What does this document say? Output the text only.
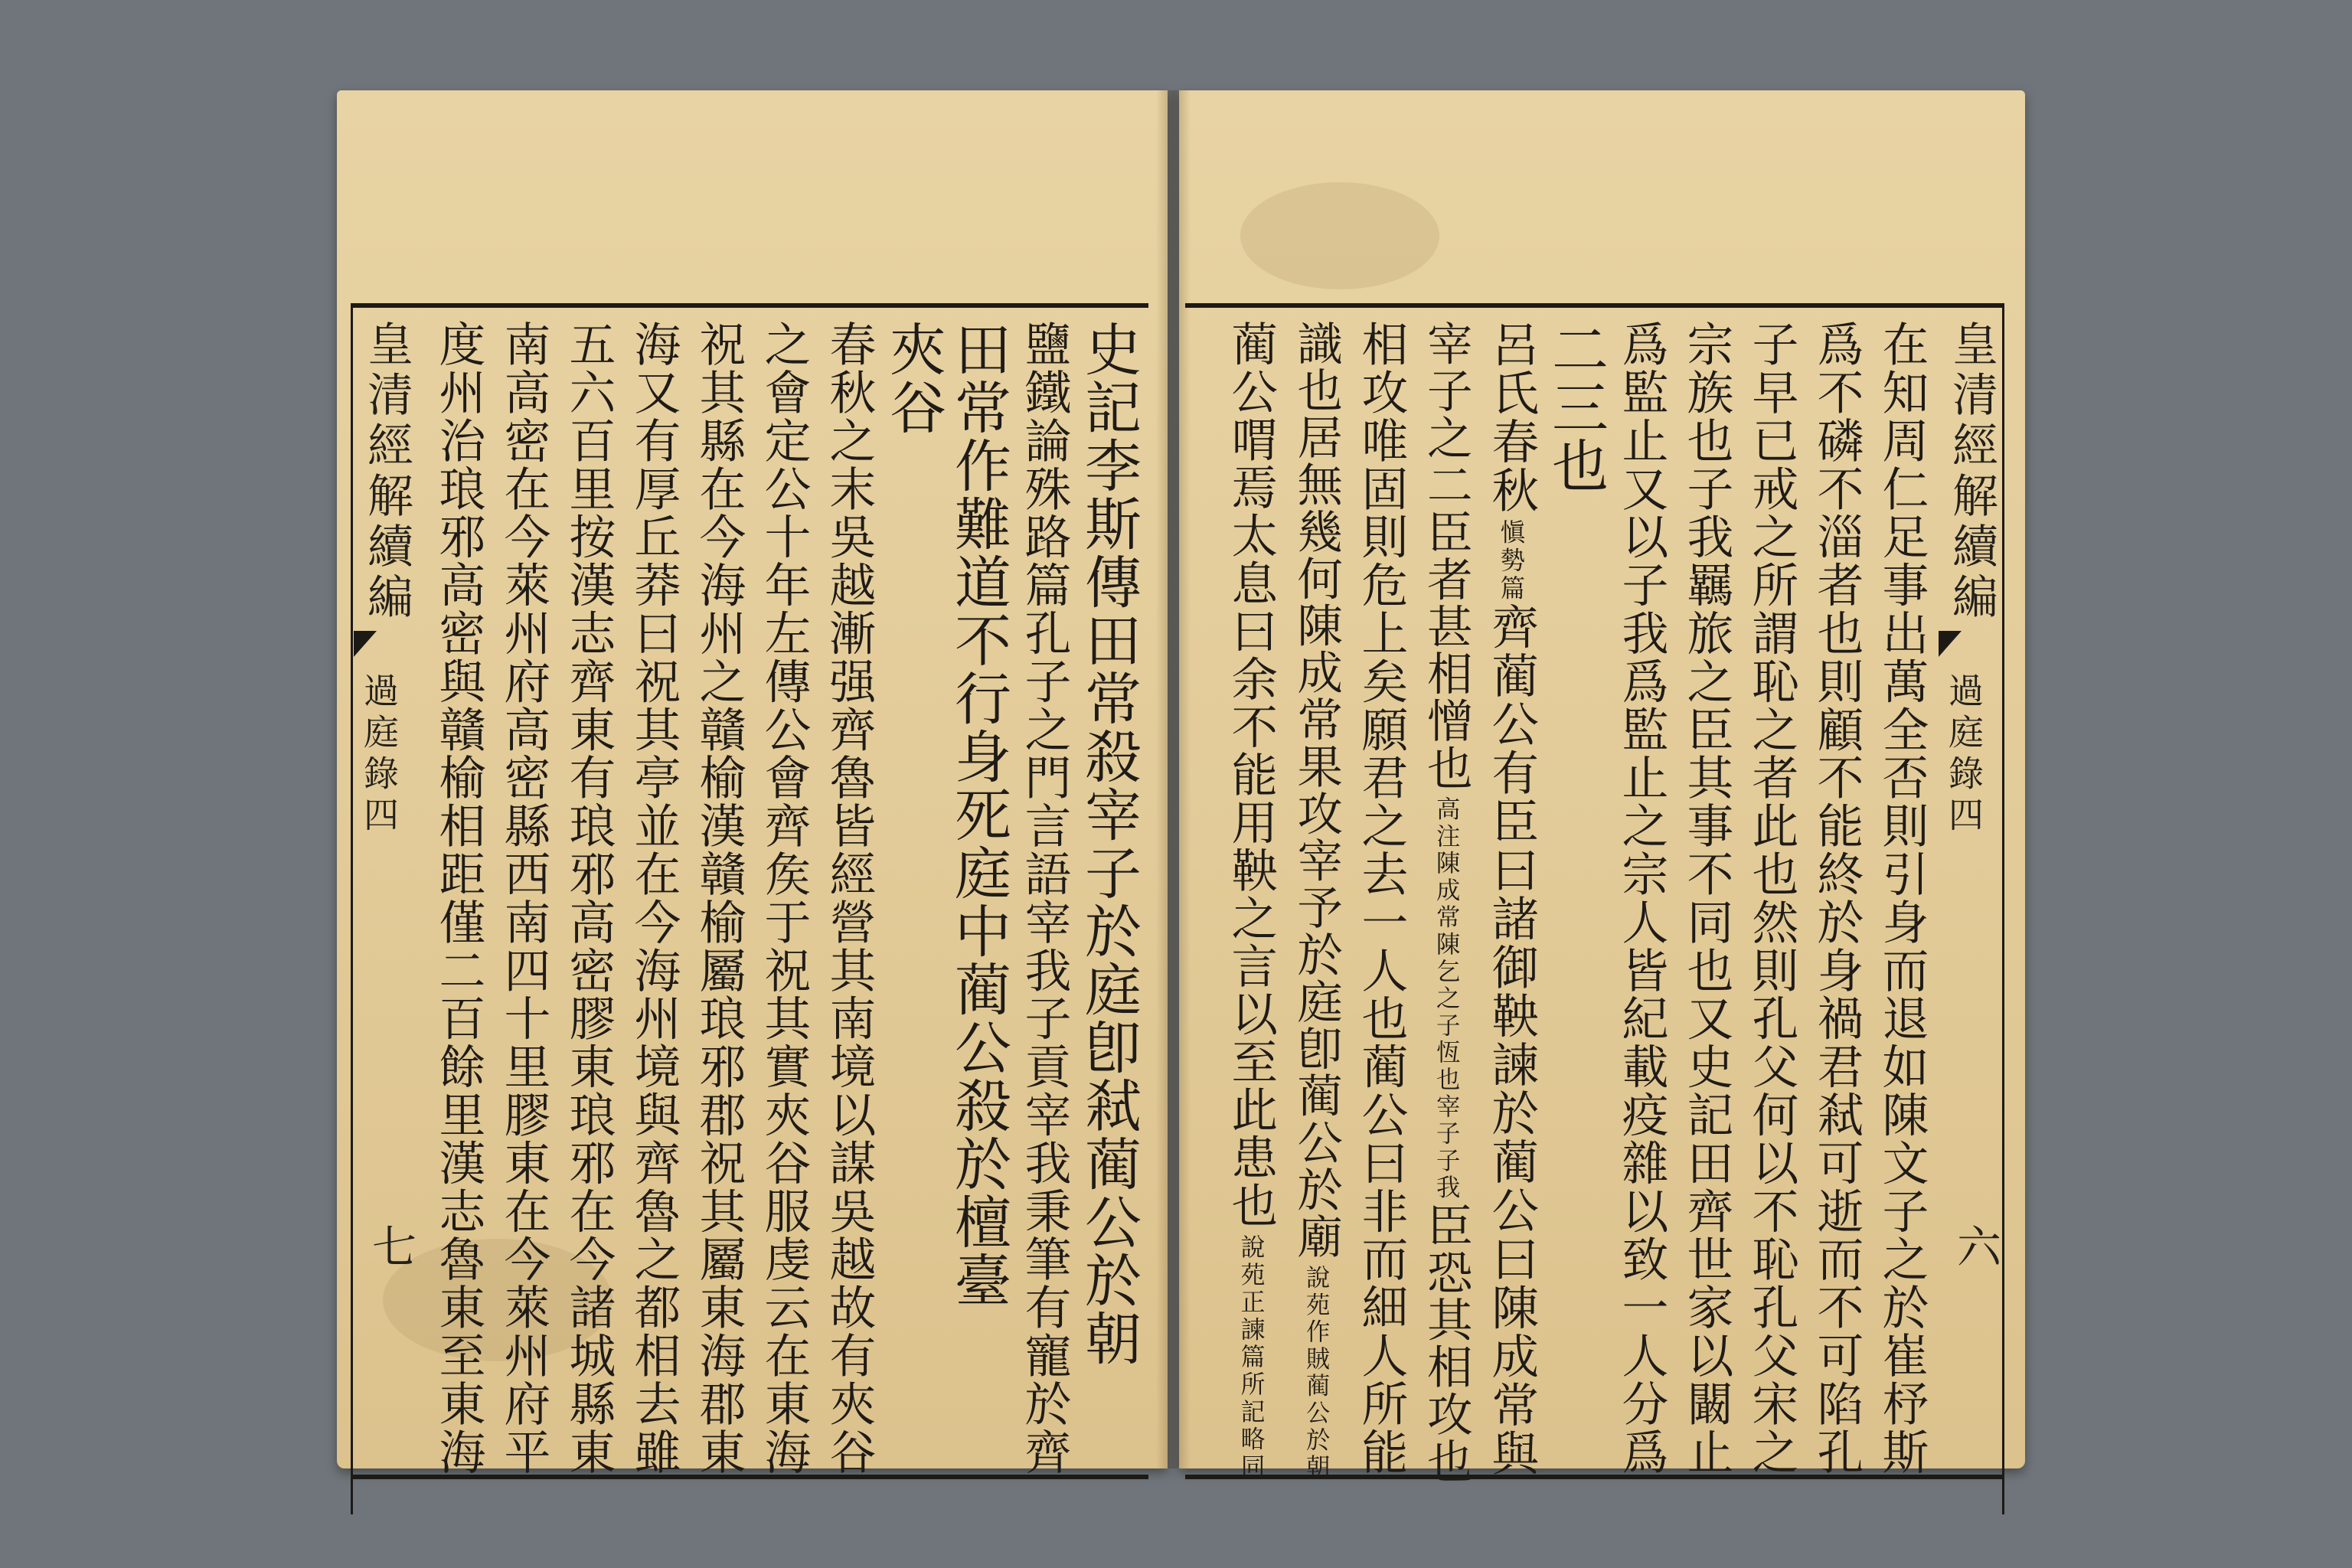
皇清經解續編
過庭錄四
七
皇清經解續編
過庭錄四
六
史記李斯傳田常殺宰子於庭卽弒蔺公於朝
鹽鐵論殊路篇孔子之門言語宰我子貢宰我秉筆有寵於齊
田常作難道不行身死庭中蔺公殺於檀臺
夾谷
春秋之末吳越漸强齊魯皆經營其南境以謀吳越故有夾谷
之會定公十年左傳公會齊矦于祝其實夾谷服虔云在東海
祝其縣在今海州之贛榆漢贛榆屬琅邪郡祝其屬東海郡東
海又有厚丘莽曰祝其亭並在今海州境與齊魯之都相去雖
五六百里按漢志齊東有琅邪高密膠東琅邪在今諸城縣東
南高密在今萊州府高密縣西南四十里膠東在今萊州府平
度州治琅邪高密與贛榆相距僅二百餘里漢志魯東至東海	在知周仁足事出萬全否則引身而退如陳文子之於崔杼斯
爲不磷不淄者也則顧不能終於身禍君弒可逝而不可陷孔
子早已戒之所謂恥之者此也然則孔父何以不恥孔父宋之
宗族也子我羈旅之臣其事不同也又史記田齊世家以闞止
爲監止又以子我爲監止之宗人皆紀載疫雜以致一人分爲
二三也
呂氏春秋
愼勢篇
齊蔺公有臣曰諸御鞅諫於蔺公曰陳成常與
宰子之二臣者甚相憎也
高注陳成常陳乞之子恆也宰子子我
臣恐其相攻也
相攻唯固則危上矣願君之去一人也蔺公曰非而細人所能
識也居無幾何陳成常果攻宰予於庭卽蔺公於廟
說苑作賊蔺公於朝
蔺公喟焉太息曰余不能用鞅之言以至此患也
說苑正諫篇所記略同
